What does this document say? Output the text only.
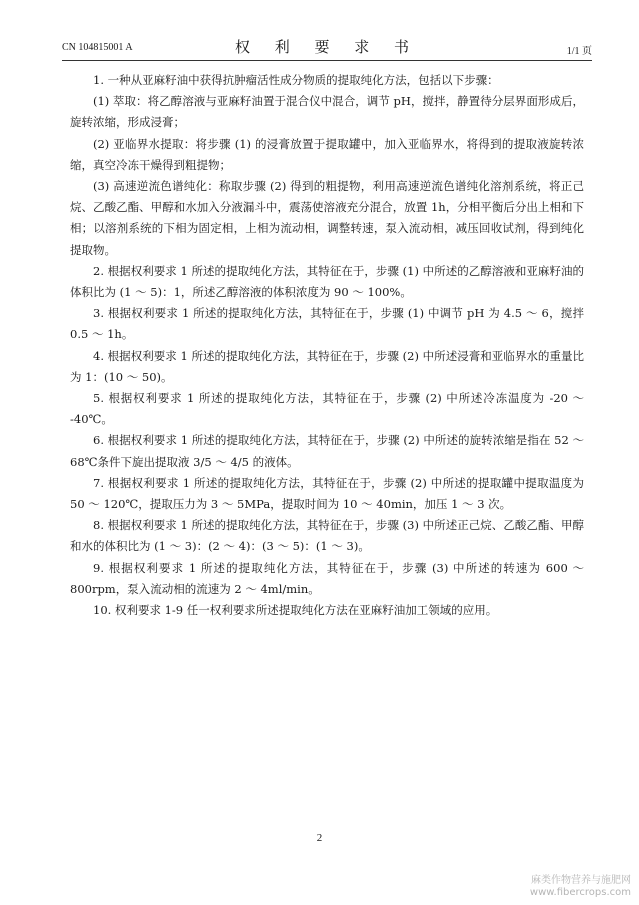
CN 104815001 A	权 利 要 求 书	1/1 页

1. 一种从亚麻籽油中获得抗肿瘤活性成分物质的提取纯化方法，包括以下步骤：

(1) 萃取：将乙醇溶液与亚麻籽油置于混合仪中混合，调节 pH，搅拌，静置待分层界面形成后，旋转浓缩，形成浸膏；

(2) 亚临界水提取：将步骤 (1) 的浸膏放置于提取罐中，加入亚临界水，将得到的提取液旋转浓缩，真空冷冻干燥得到粗提物；

(3) 高速逆流色谱纯化：称取步骤 (2) 得到的粗提物，利用高速逆流色谱纯化溶剂系统，将正己烷、乙酸乙酯、甲醇和水加入分液漏斗中，震荡使溶液充分混合，放置 1h，分相平衡后分出上相和下相；以溶剂系统的下相为固定相，上相为流动相，调整转速，泵入流动相，减压回收试剂，得到纯化提取物。

2. 根据权利要求 1 所述的提取纯化方法，其特征在于，步骤 (1) 中所述的乙醇溶液和亚麻籽油的体积比为 (1 ～ 5)：1，所述乙醇溶液的体积浓度为 90 ～ 100%。

3. 根据权利要求 1 所述的提取纯化方法，其特征在于，步骤 (1) 中调节 pH 为 4.5 ～ 6，搅拌 0.5 ～ 1h。

4. 根据权利要求 1 所述的提取纯化方法，其特征在于，步骤 (2) 中所述浸膏和亚临界水的重量比为 1：(10 ～ 50)。

5. 根据权利要求 1 所述的提取纯化方法，其特征在于，步骤 (2) 中所述冷冻温度为 -20 ～ -40℃。

6. 根据权利要求 1 所述的提取纯化方法，其特征在于，步骤 (2) 中所述的旋转浓缩是指在 52 ～ 68℃条件下旋出提取液 3/5 ～ 4/5 的液体。

7. 根据权利要求 1 所述的提取纯化方法，其特征在于，步骤 (2) 中所述的提取罐中提取温度为 50 ～ 120℃，提取压力为 3 ～ 5MPa，提取时间为 10 ～ 40min，加压 1 ～ 3 次。

8. 根据权利要求 1 所述的提取纯化方法，其特征在于，步骤 (3) 中所述正己烷、乙酸乙酯、甲醇和水的体积比为 (1 ～ 3)：(2 ～ 4)：(3 ～ 5)：(1 ～ 3)。

9. 根据权利要求 1 所述的提取纯化方法，其特征在于，步骤 (3) 中所述的转速为 600 ～ 800rpm，泵入流动相的流速为 2 ～ 4ml/min。

10. 权利要求 1-9 任一权利要求所述提取纯化方法在亚麻籽油加工领域的应用。

2
麻类作物营养与施肥网
www.fibercrops.com
